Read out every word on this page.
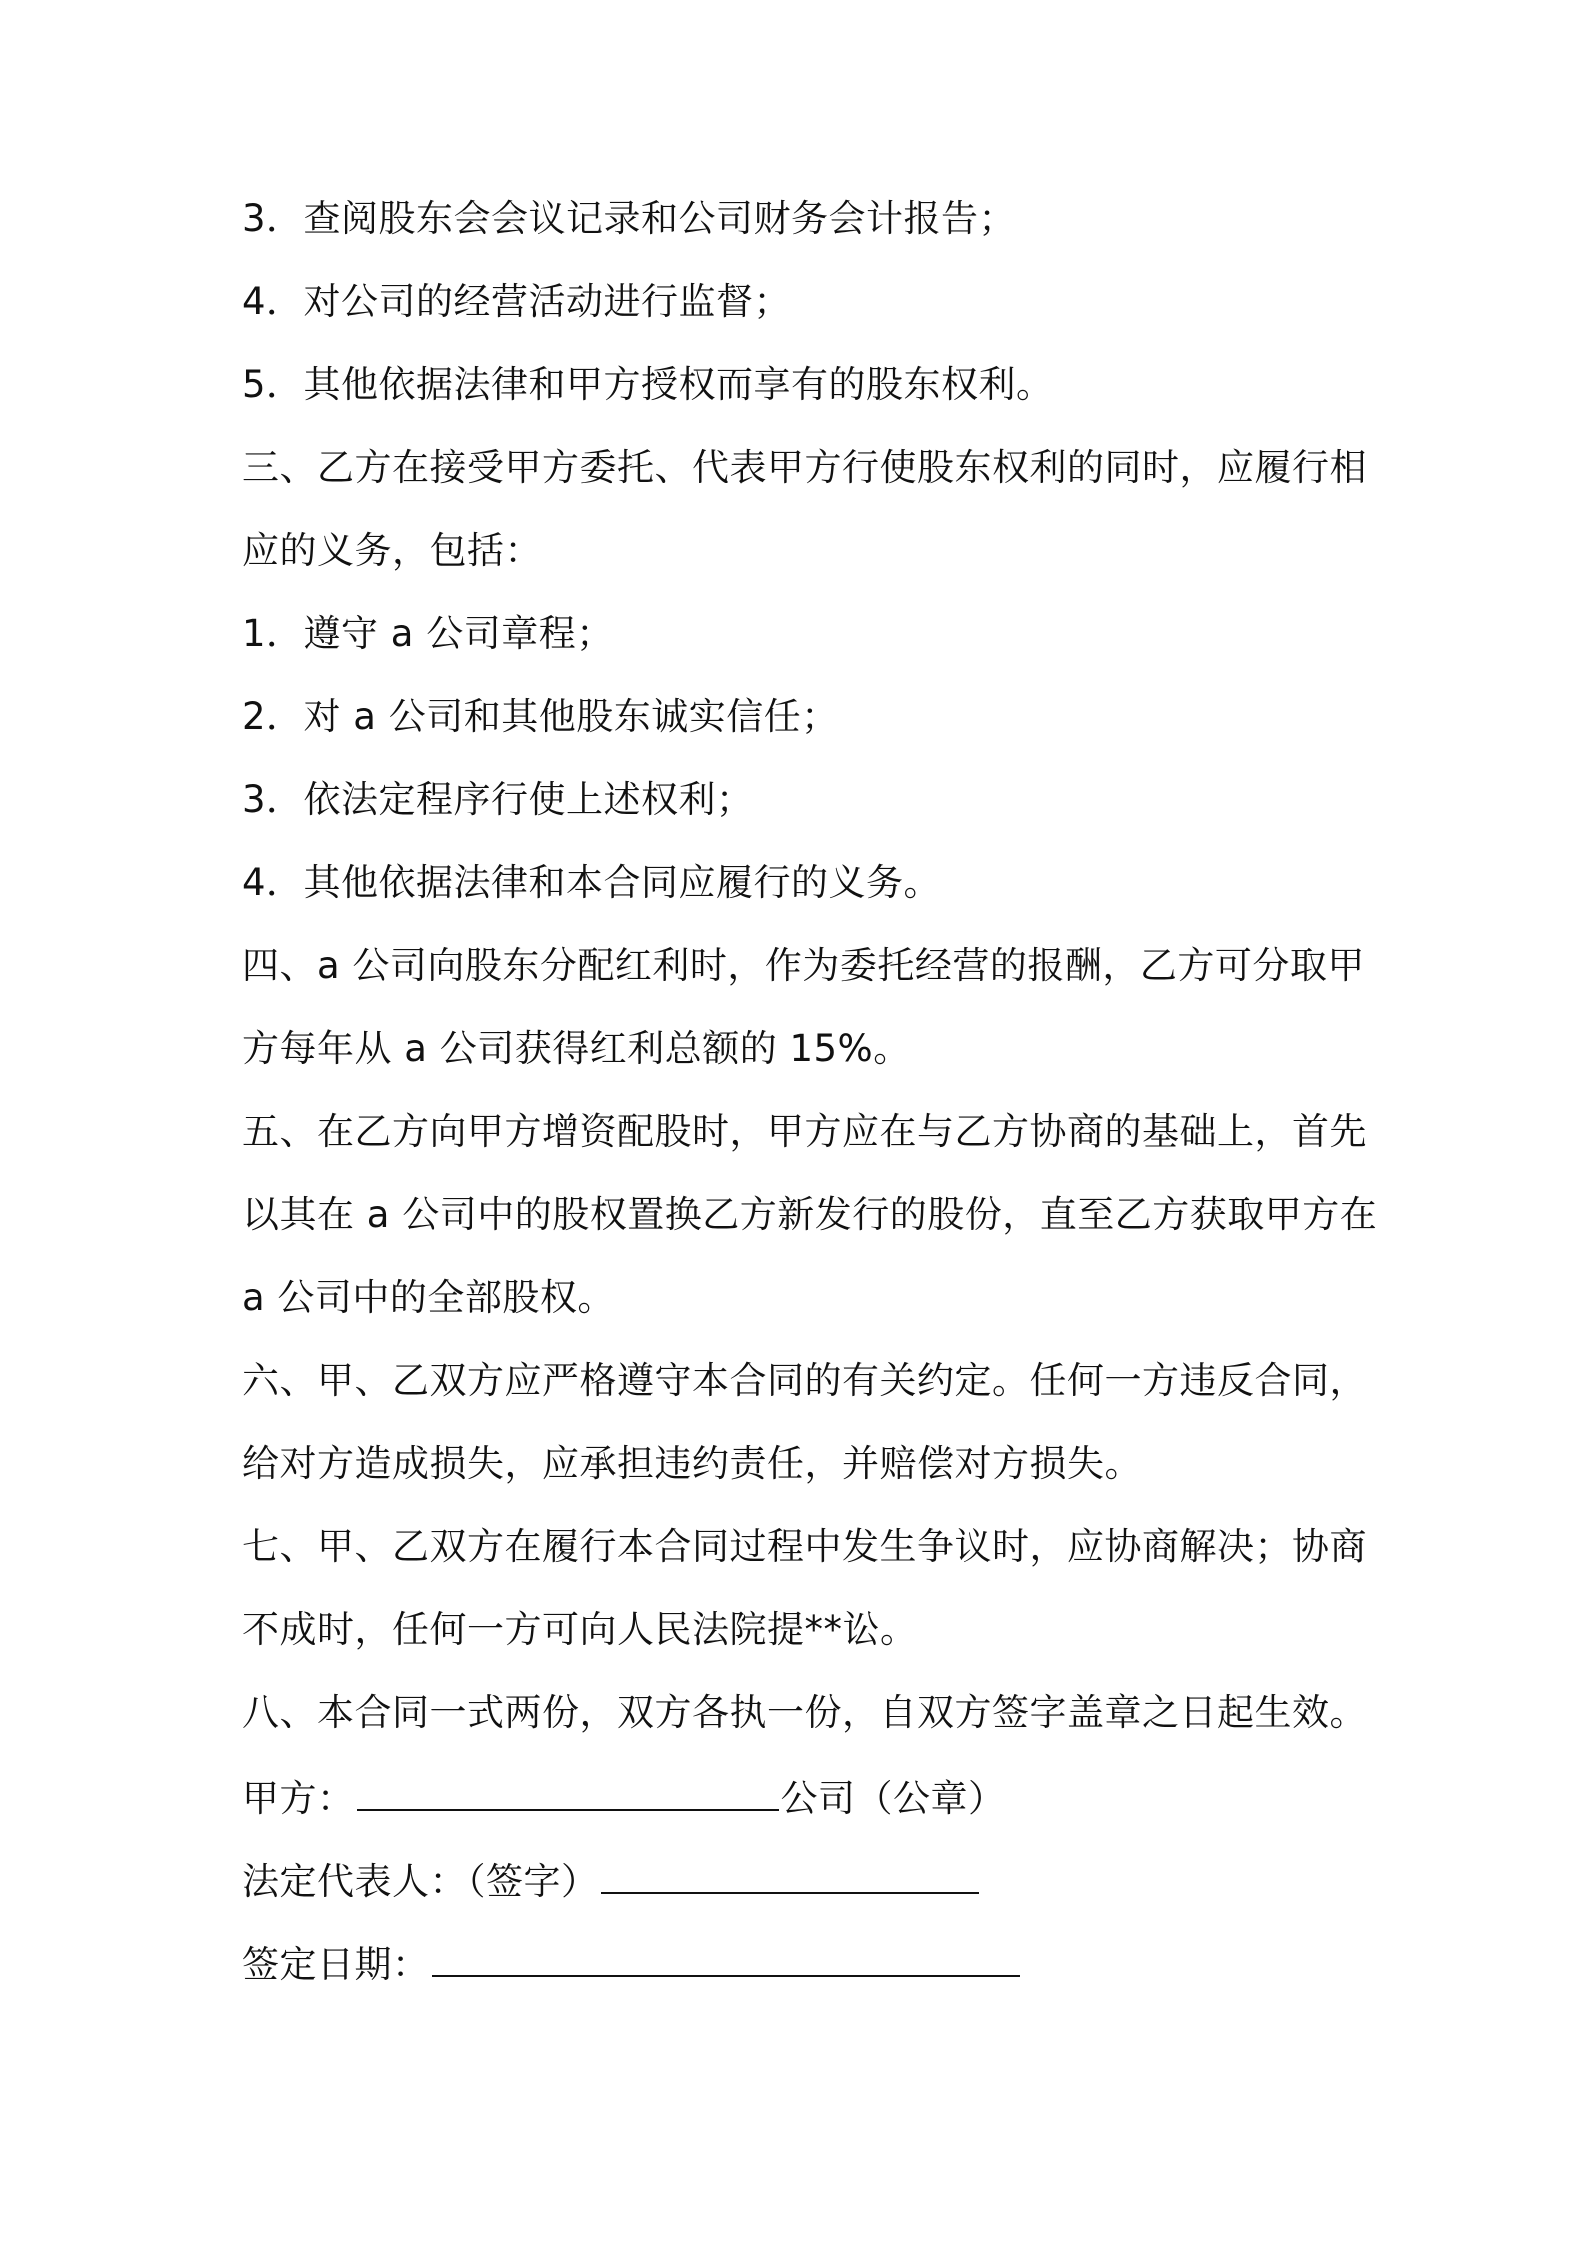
3．查阅股东会会议记录和公司财务会计报告；
4．对公司的经营活动进行监督；
5．其他依据法律和甲方授权而享有的股东权利。
三、乙方在接受甲方委托、代表甲方行使股东权利的同时，应履行相
应的义务，包括：
1．遵守 a 公司章程；
2．对 a 公司和其他股东诚实信任；
3．依法定程序行使上述权利；
4．其他依据法律和本合同应履行的义务。
四、a 公司向股东分配红利时，作为委托经营的报酬，乙方可分取甲
方每年从 a 公司获得红利总额的 15%。
五、在乙方向甲方增资配股时，甲方应在与乙方协商的基础上，首先
以其在 a 公司中的股权置换乙方新发行的股份，直至乙方获取甲方在
a 公司中的全部股权。
六、甲、乙双方应严格遵守本合同的有关约定。任何一方违反合同，
给对方造成损失，应承担违约责任，并赔偿对方损失。
七、甲、乙双方在履行本合同过程中发生争议时，应协商解决；协商
不成时，任何一方可向人民法院提**讼。
八、本合同一式两份，双方各执一份，自双方签字盖章之日起生效。
甲方：	公司（公章）
法定代表人：（签字）
签定日期：
